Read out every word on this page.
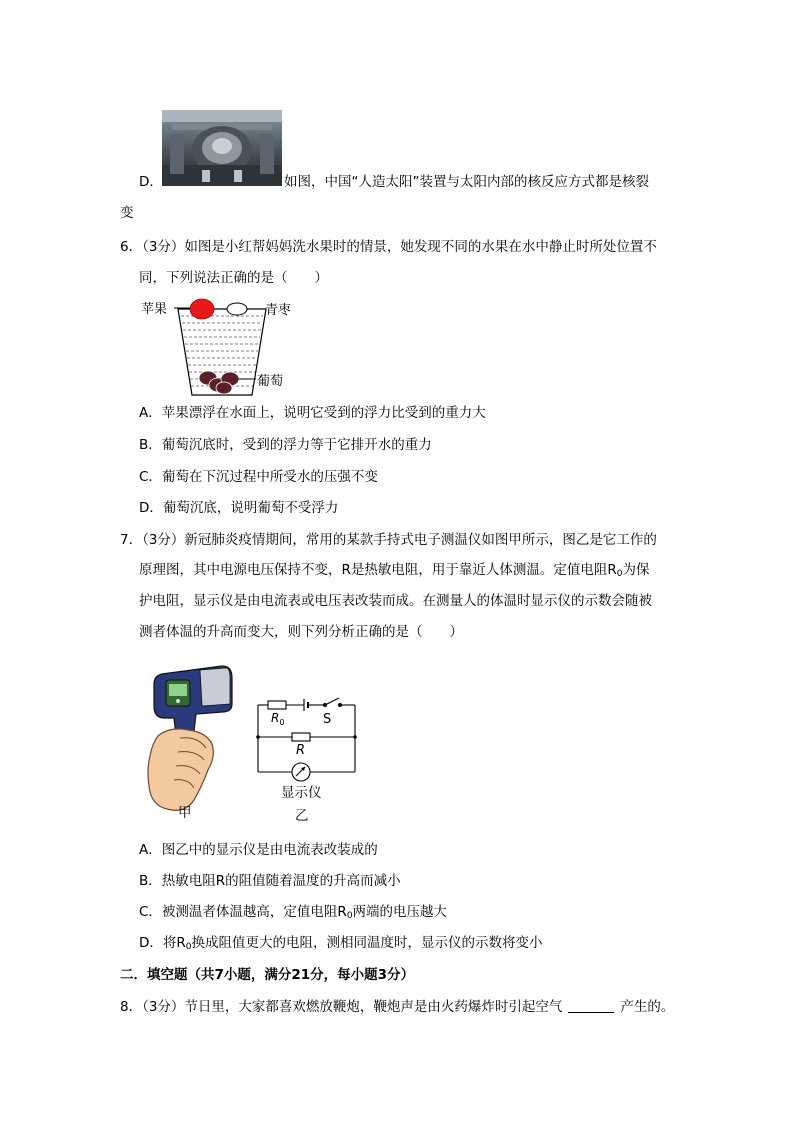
D．	如图，中国“人造太阳”装置与太阳内部的核反应方式都是核裂
变
6．（3分）如图是小红帮妈妈洗水果时的情景，她发现不同的水果在水中静止时所处位置不
同，下列说法正确的是（　　）
苹果	青枣
葡萄
A．苹果漂浮在水面上，说明它受到的浮力比受到的重力大
B．葡萄沉底时，受到的浮力等于它排开水的重力
C．葡萄在下沉过程中所受水的压强不变
D．葡萄沉底，说明葡萄不受浮力
7．（3分）新冠肺炎疫情期间，常用的某款手持式电子测温仪如图甲所示，图乙是它工作的
原理图，其中电源电压保持不变，R是热敏电阻，用于靠近人体测温。定值电阻$R_0$为保
护电阻，显示仪是由电流表或电压表改装而成。在测量人的体温时显示仪的示数会随被
测者体温的升高而变大，则下列分析正确的是（　　）
甲
$R_0$	S
R
显示仪
乙
A．图乙中的显示仪是由电流表改装成的
B．热敏电阻R的阻值随着温度的升高而减小
C．被测温者体温越高，定值电阻$R_0$两端的电压越大
D．将$R_0$换成阻值更大的电阻，测相同温度时，显示仪的示数将变小
二．填空题（共7小题，满分21分，每小题3分）
8．（3分）节日里，大家都喜欢燃放鞭炮，鞭炮声是由火药爆炸时引起空气	产生的。
